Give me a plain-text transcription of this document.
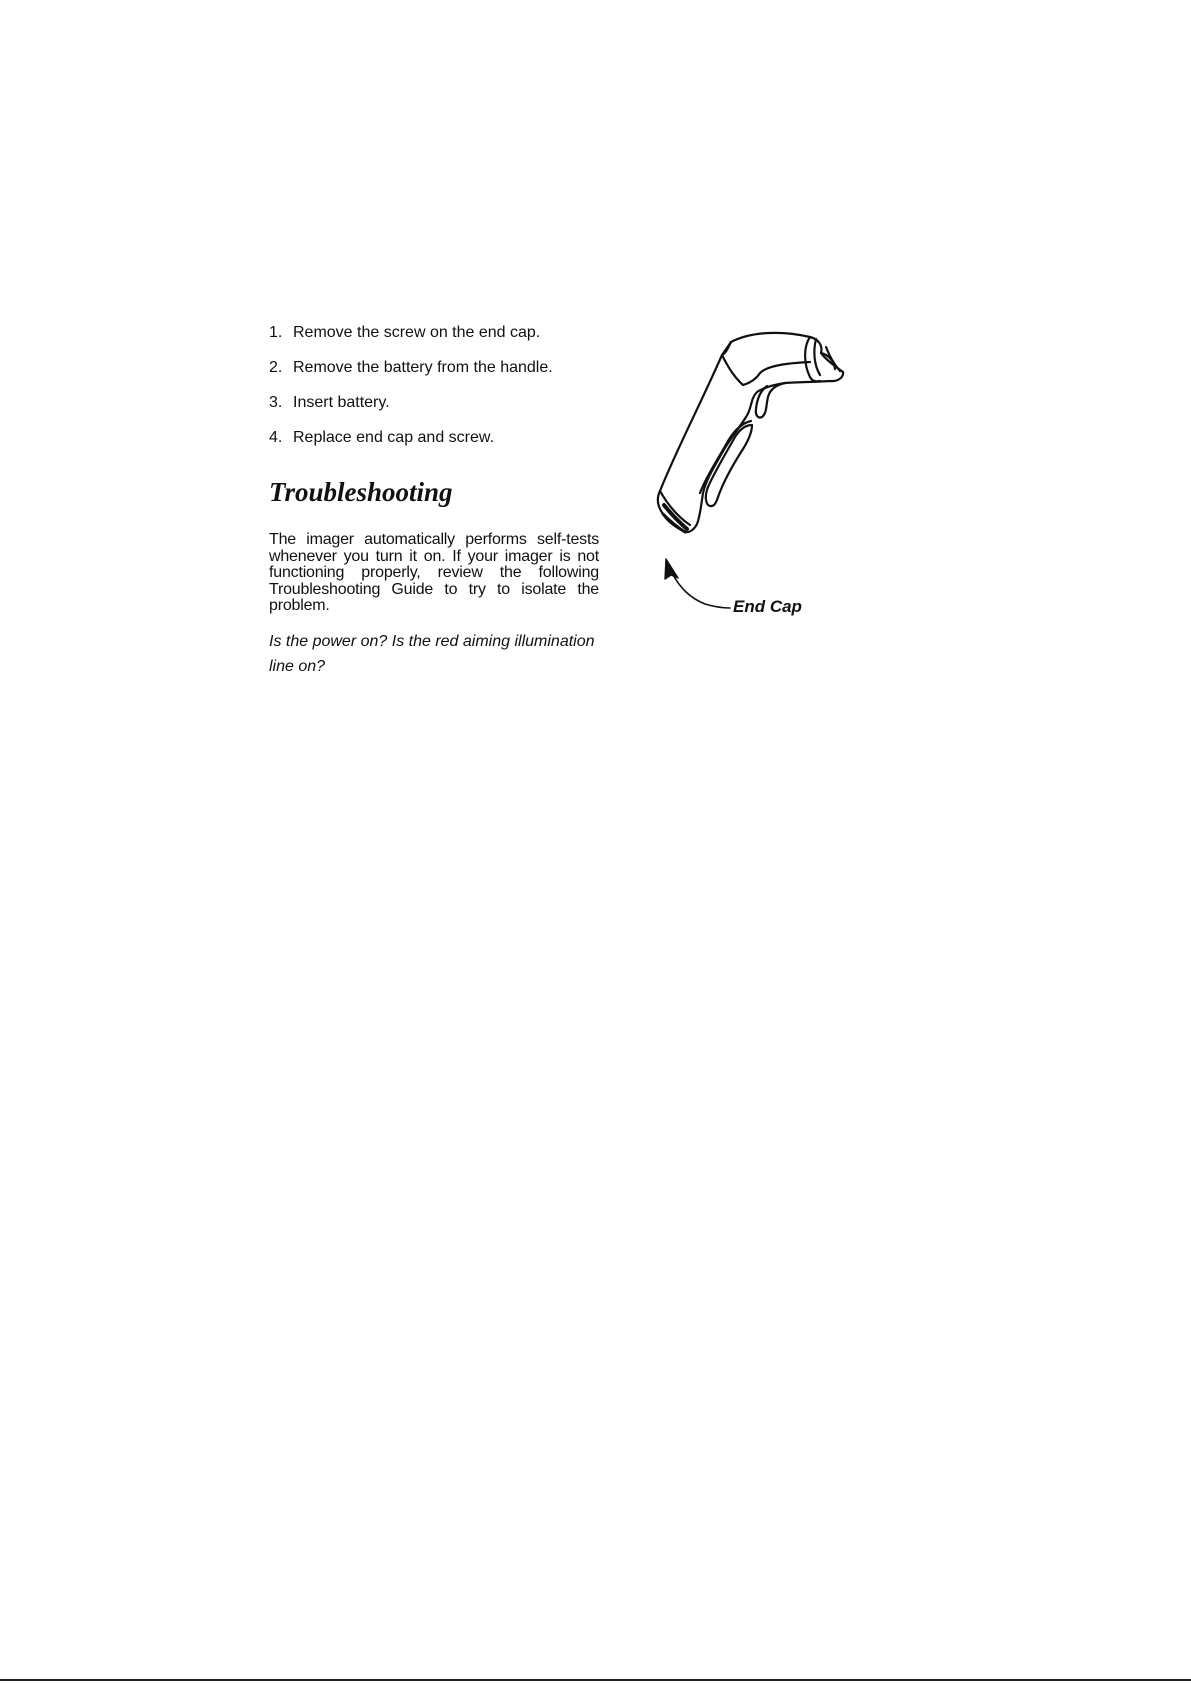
1. Remove the screw on the end cap.
2. Remove the battery from the handle.
3. Insert battery.
4. Replace end cap and screw.
Troubleshooting

The imager automatically performs self-tests whenever you turn it on. If your imager is not functioning properly, review the following Troubleshooting Guide to try to isolate the problem.

Is the power on? Is the red aiming illumination line on?

End Cap
